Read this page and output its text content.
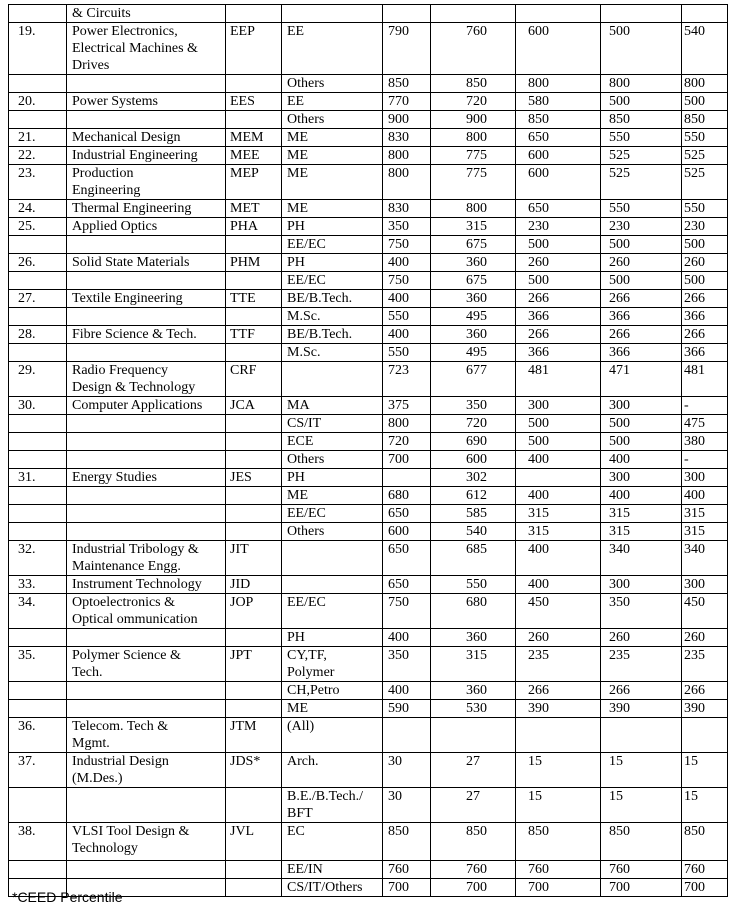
	& Circuits							
19.	Power Electronics,
Electrical Machines &
Drives	EEP	EE	790	760	600	500	540
			Others	850	850	800	800	800
20.	Power Systems	EES	EE	770	720	580	500	500
			Others	900	900	850	850	850
21.	Mechanical Design	MEM	ME	830	800	650	550	550
22.	Industrial Engineering	MEE	ME	800	775	600	525	525
23.	Production
Engineering	MEP	ME	800	775	600	525	525
24.	Thermal Engineering	MET	ME	830	800	650	550	550
25.	Applied Optics	PHA	PH	350	315	230	230	230
			EE/EC	750	675	500	500	500
26.	Solid State Materials	PHM	PH	400	360	260	260	260
			EE/EC	750	675	500	500	500
27.	Textile Engineering	TTE	BE/B.Tech.	400	360	266	266	266
			M.Sc.	550	495	366	366	366
28.	Fibre Science & Tech.	TTF	BE/B.Tech.	400	360	266	266	266
			M.Sc.	550	495	366	366	366
29.	Radio Frequency
Design & Technology	CRF		723	677	481	471	481
30.	Computer Applications	JCA	MA	375	350	300	300	-
			CS/IT	800	720	500	500	475
			ECE	720	690	500	500	380
			Others	700	600	400	400	-
31.	Energy Studies	JES	PH		302		300	300
			ME	680	612	400	400	400
			EE/EC	650	585	315	315	315
			Others	600	540	315	315	315
32.	Industrial Tribology &
Maintenance Engg.	JIT		650	685	400	340	340
33.	Instrument Technology	JID		650	550	400	300	300
34.	Optoelectronics &
Optical ommunication	JOP	EE/EC	750	680	450	350	450
			PH	400	360	260	260	260
35.	Polymer Science &
Tech.	JPT	CY,TF,
Polymer	350	315	235	235	235
			CH,Petro	400	360	266	266	266
			ME	590	530	390	390	390
36.	Telecom. Tech &
Mgmt.	JTM	(All)					
37.	Industrial Design
(M.Des.)	JDS*	Arch.	30	27	15	15	15
			B.E./B.Tech./
BFT	30	27	15	15	15
38.	VLSI Tool Design &
Technology	JVL	EC	850	850	850	850	850
			EE/IN	760	760	760	760	760
			CS/IT/Others	700	700	700	700	700
*CEED Percentile
